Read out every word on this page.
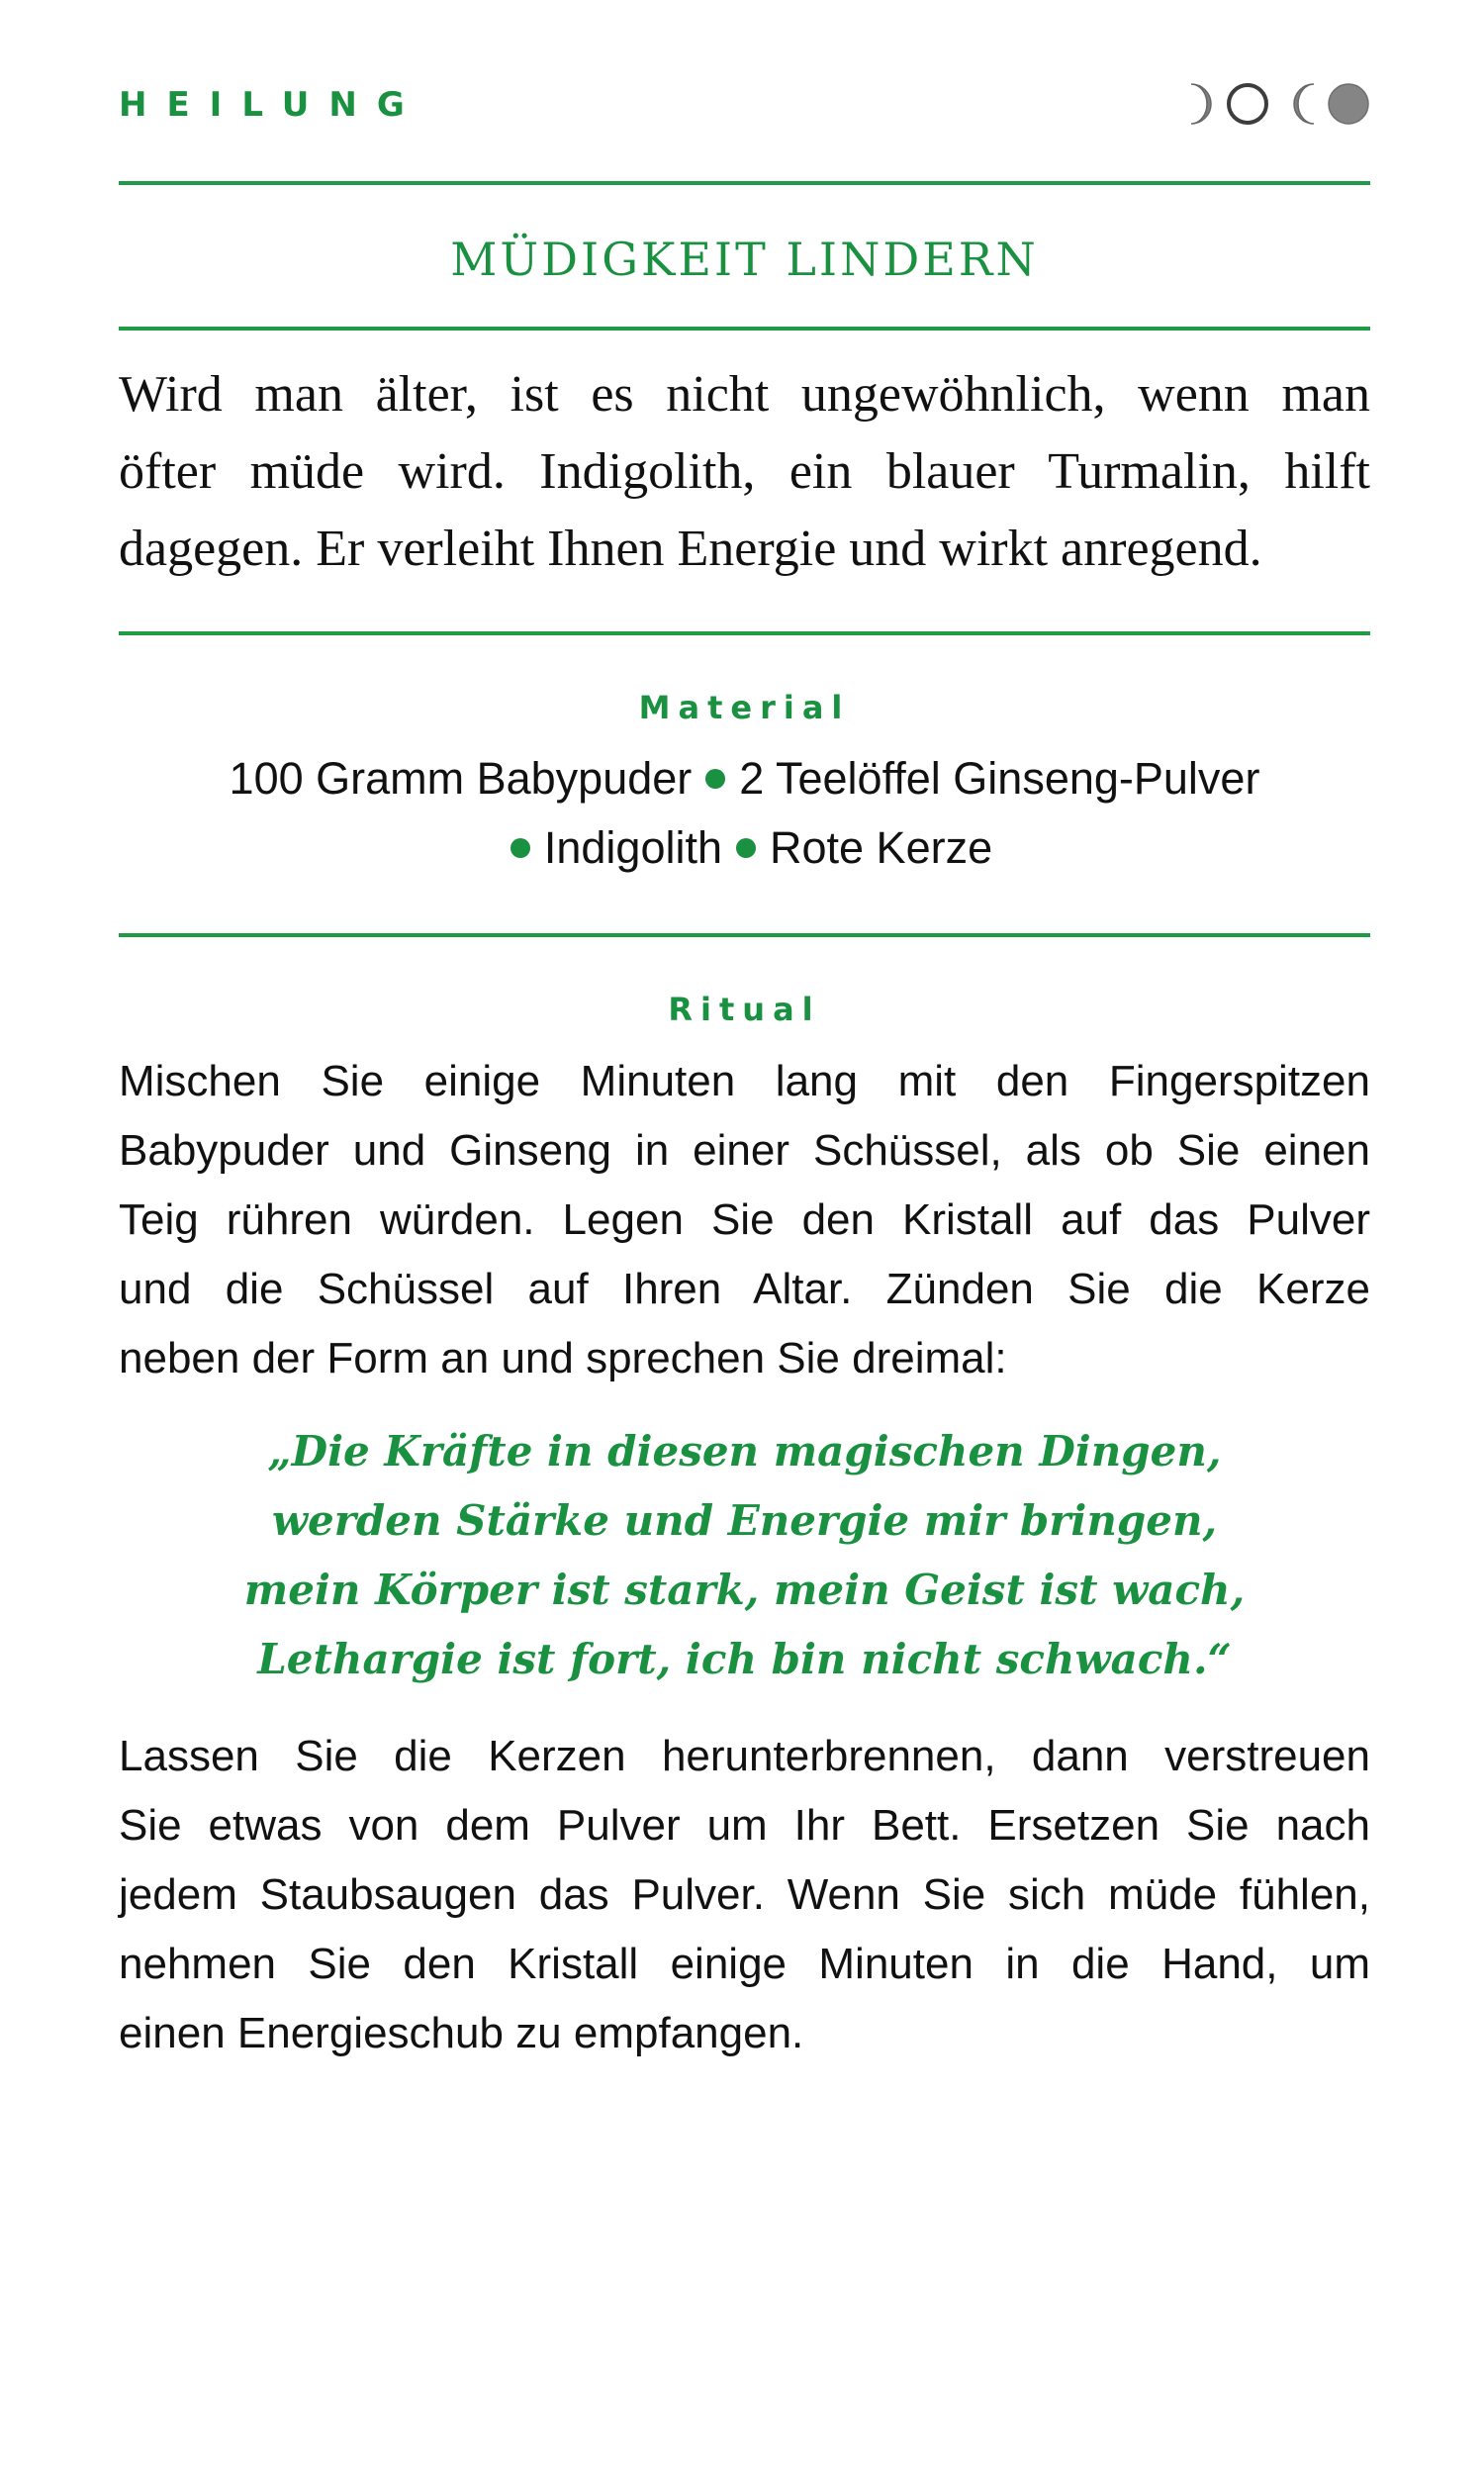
HEILUNG
MÜDIGKEIT LINDERN
Wird man älter, ist es nicht ungewöhnlich, wenn man
öfter müde wird. Indigolith, ein blauer Turmalin, hilft
dagegen. Er verleiht Ihnen Energie und wirkt anregend.
Material
100 Gramm Babypuder 2 Teelöffel Ginseng-Pulver
Indigolith Rote Kerze
Ritual
Mischen Sie einige Minuten lang mit den Fingerspitzen
Babypuder und Ginseng in einer Schüssel, als ob Sie einen
Teig rühren würden. Legen Sie den Kristall auf das Pulver
und die Schüssel auf Ihren Altar. Zünden Sie die Kerze
neben der Form an und sprechen Sie dreimal:
„Die Kräfte in diesen magischen Dingen,
werden Stärke und Energie mir bringen,
mein Körper ist stark, mein Geist ist wach,
Lethargie ist fort, ich bin nicht schwach.“
Lassen Sie die Kerzen herunterbrennen, dann verstreuen
Sie etwas von dem Pulver um Ihr Bett. Ersetzen Sie nach
jedem Staubsaugen das Pulver. Wenn Sie sich müde fühlen,
nehmen Sie den Kristall einige Minuten in die Hand, um
einen Energieschub zu empfangen.
